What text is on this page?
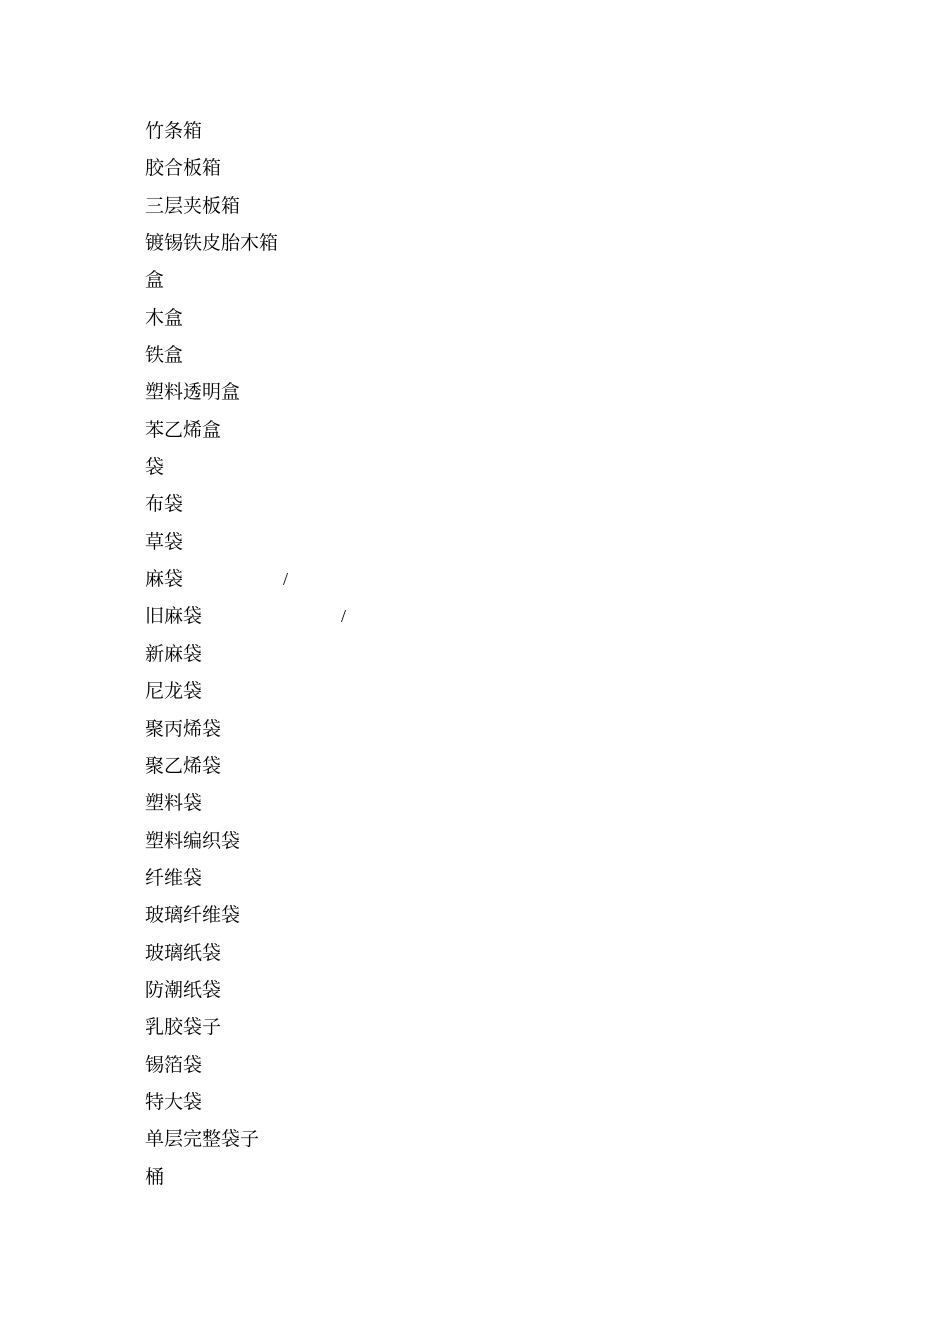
竹条箱
胶合板箱
三层夹板箱
镀锡铁皮胎木箱
盒
木盒
铁盒
塑料透明盒
苯乙烯盒
袋
布袋
草袋
麻袋	/
旧麻袋	/
新麻袋
尼龙袋
聚丙烯袋
聚乙烯袋
塑料袋
塑料编织袋
纤维袋
玻璃纤维袋
玻璃纸袋
防潮纸袋
乳胶袋子
锡箔袋
特大袋
单层完整袋子
桶
